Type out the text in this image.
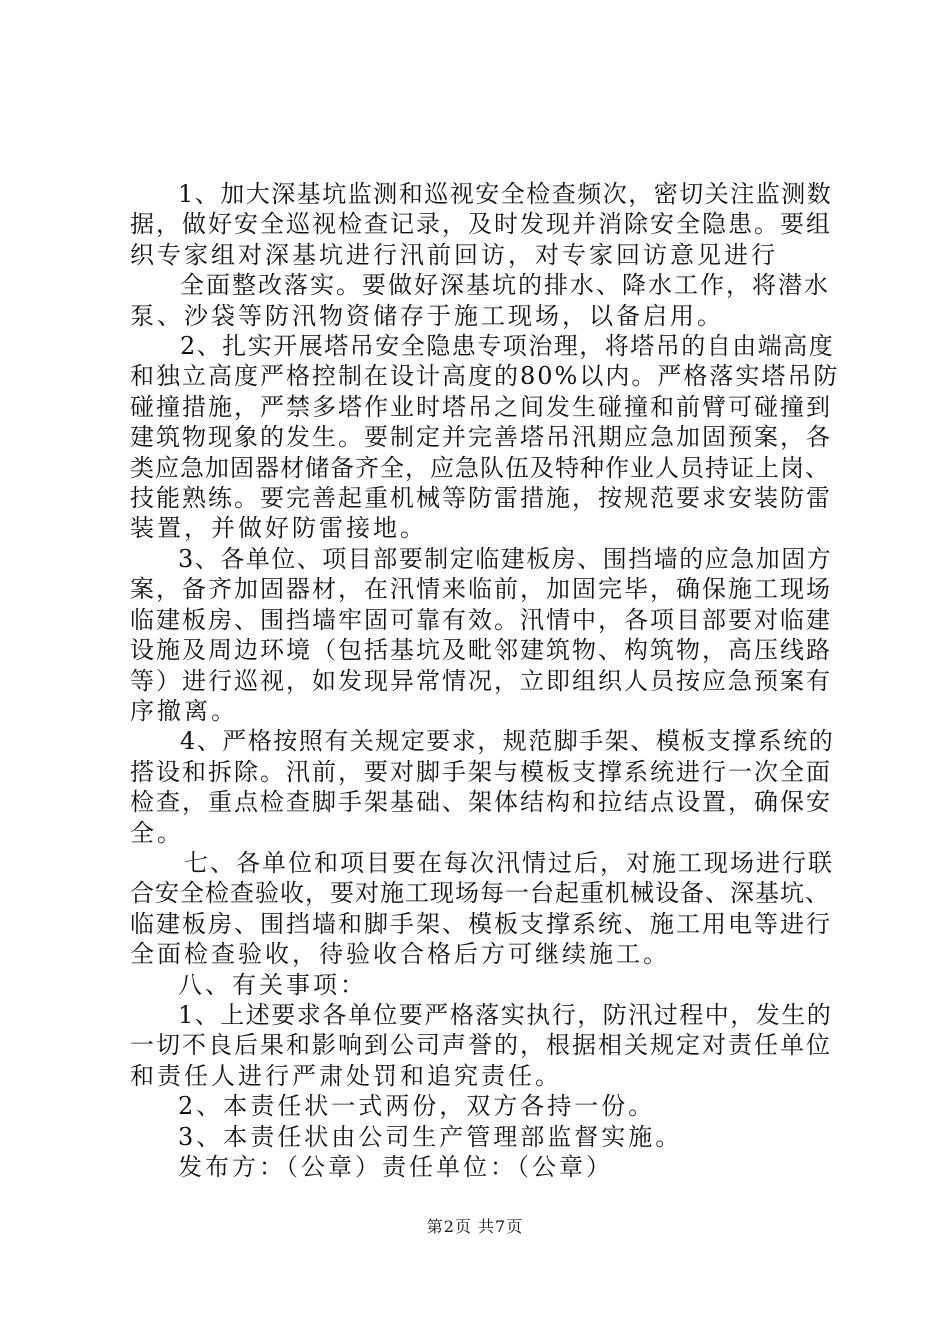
1、加大深基坑监测和巡视安全检查频次，密切关注监测数
据，做好安全巡视检查记录，及时发现并消除安全隐患。要组
织专家组对深基坑进行汛前回访，对专家回访意见进行
全面整改落实。要做好深基坑的排水、降水工作，将潜水
泵、沙袋等防汛物资储存于施工现场，以备启用。
2、扎实开展塔吊安全隐患专项治理，将塔吊的自由端高度
和独立高度严格控制在设计高度的80%以内。严格落实塔吊防
碰撞措施，严禁多塔作业时塔吊之间发生碰撞和前臂可碰撞到
建筑物现象的发生。要制定并完善塔吊汛期应急加固预案，各
类应急加固器材储备齐全，应急队伍及特种作业人员持证上岗、
技能熟练。要完善起重机械等防雷措施，按规范要求安装防雷
装置，并做好防雷接地。
3、各单位、项目部要制定临建板房、围挡墙的应急加固方
案，备齐加固器材，在汛情来临前，加固完毕，确保施工现场
临建板房、围挡墙牢固可靠有效。汛情中，各项目部要对临建
设施及周边环境（包括基坑及毗邻建筑物、构筑物，高压线路
等）进行巡视，如发现异常情况，立即组织人员按应急预案有
序撤离。
4、严格按照有关规定要求，规范脚手架、模板支撑系统的
搭设和拆除。汛前，要对脚手架与模板支撑系统进行一次全面
检查，重点检查脚手架基础、架体结构和拉结点设置，确保安
全。
七、各单位和项目要在每次汛情过后，对施工现场进行联
合安全检查验收，要对施工现场每一台起重机械设备、深基坑、
临建板房、围挡墙和脚手架、模板支撑系统、施工用电等进行
全面检查验收，待验收合格后方可继续施工。
八、有关事项：
1、上述要求各单位要严格落实执行，防汛过程中，发生的
一切不良后果和影响到公司声誉的，根据相关规定对责任单位
和责任人进行严肃处罚和追究责任。
2、本责任状一式两份，双方各持一份。
3、本责任状由公司生产管理部监督实施。
发布方：（公章）责任单位：（公章）
第2页 共7页
